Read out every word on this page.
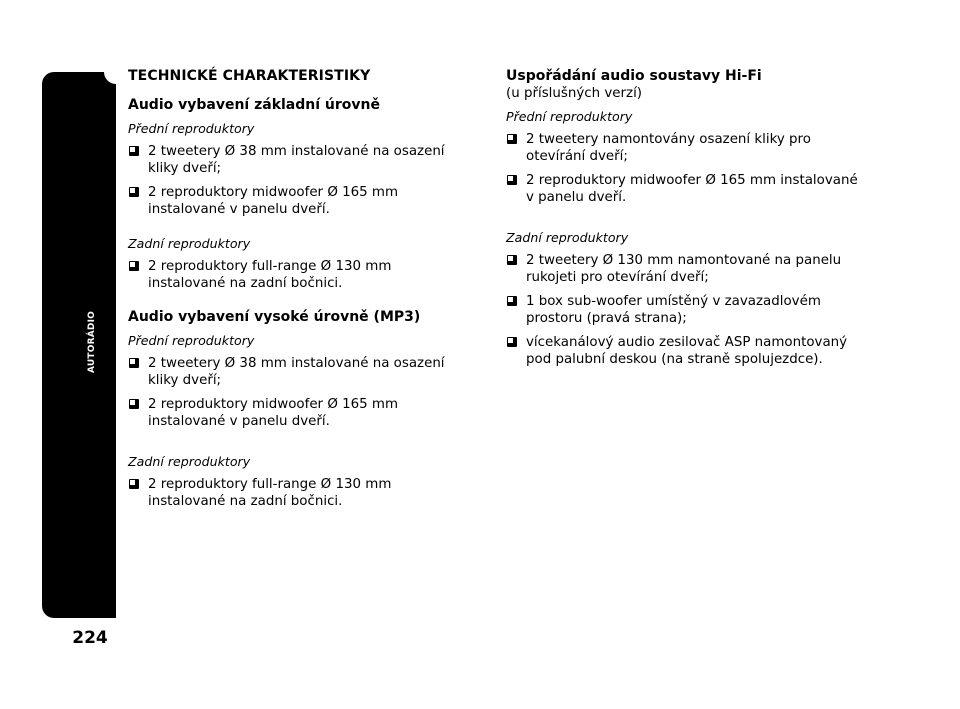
AUTORÁDIO
224
TECHNICKÉ CHARAKTERISTIKY
Audio vybavení základní úrovně
Přední reproduktory
2 tweetery Ø 38 mm instalované na osazení kliky dveří;
2 reproduktory midwoofer Ø 165 mm instalované v panelu dveří.
Zadní reproduktory
2 reproduktory full-range Ø 130 mm instalované na zadní bočnici.
Audio vybavení vysoké úrovně (MP3)
Přední reproduktory
2 tweetery Ø 38 mm instalované na osazení kliky dveří;
2 reproduktory midwoofer Ø 165 mm instalované v panelu dveří.
Zadní reproduktory
2 reproduktory full-range Ø 130 mm instalované na zadní bočnici.
Uspořádání audio soustavy Hi-Fi
(u příslušných verzí)
Přední reproduktory
2 tweetery namontovány osazení kliky pro otevírání dveří;
2 reproduktory midwoofer Ø 165 mm instalované v panelu dveří.
Zadní reproduktory
2 tweetery Ø 130 mm namontované na panelu rukojeti pro otevírání dveří;
1 box sub-woofer umístěný v zavazadlovém prostoru (pravá strana);
vícekanálový audio zesilovač ASP namontovaný pod palubní deskou (na straně spolujezdce).
